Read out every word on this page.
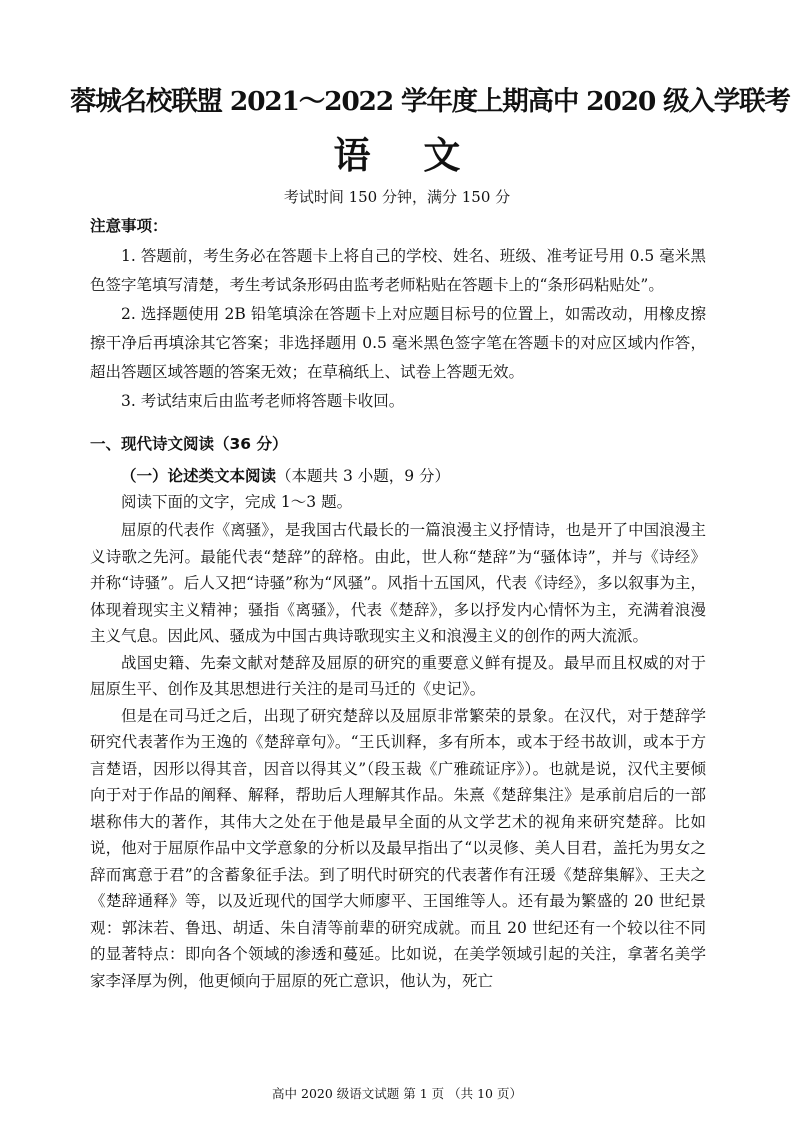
蓉城名校联盟 2021～2022 学年度上期高中 2020 级入学联考
语 文
考试时间 150 分钟，满分 150 分
注意事项：

1. 答题前，考生务必在答题卡上将自己的学校、姓名、班级、准考证号用 0.5 毫米黑色签字笔填写清楚，考生考试条形码由监考老师粘贴在答题卡上的“条形码粘贴处”。

2. 选择题使用 2B 铅笔填涂在答题卡上对应题目标号的位置上，如需改动，用橡皮擦擦干净后再填涂其它答案；非选择题用 0.5 毫米黑色签字笔在答题卡的对应区域内作答，超出答题区域答题的答案无效；在草稿纸上、试卷上答题无效。

3. 考试结束后由监考老师将答题卡收回。

一、现代诗文阅读（36 分）
（一）论述类文本阅读（本题共 3 小题，9 分）
阅读下面的文字，完成 1～3 题。

屈原的代表作《离骚》，是我国古代最长的一篇浪漫主义抒情诗，也是开了中国浪漫主义诗歌之先河。最能代表“楚辞”的辞格。由此，世人称“楚辞”为“骚体诗”，并与《诗经》并称“诗骚”。后人又把“诗骚”称为“风骚”。风指十五国风，代表《诗经》，多以叙事为主，体现着现实主义精神；骚指《离骚》，代表《楚辞》，多以抒发内心情怀为主，充满着浪漫主义气息。因此风、骚成为中国古典诗歌现实主义和浪漫主义的创作的两大流派。

战国史籍、先秦文献对楚辞及屈原的研究的重要意义鲜有提及。最早而且权威的对于屈原生平、创作及其思想进行关注的是司马迁的《史记》。

但是在司马迁之后，出现了研究楚辞以及屈原非常繁荣的景象。在汉代，对于楚辞学研究代表著作为王逸的《楚辞章句》。“王氏训释，多有所本，或本于经书故训，或本于方言楚语，因形以得其音，因音以得其义”（段玉裁《广雅疏证序》）。也就是说，汉代主要倾向于对于作品的阐释、解释，帮助后人理解其作品。朱熹《楚辞集注》是承前启后的一部堪称伟大的著作，其伟大之处在于他是最早全面的从文学艺术的视角来研究楚辞。比如说，他对于屈原作品中文学意象的分析以及最早指出了“以灵修、美人目君，盖托为男女之辞而寓意于君”的含蓄象征手法。到了明代时研究的代表著作有汪瑗《楚辞集解》、王夫之《楚辞通释》等，以及近现代的国学大师廖平、王国维等人。还有最为繁盛的 20 世纪景观：郭沫若、鲁迅、胡适、朱自清等前辈的研究成就。而且 20 世纪还有一个较以往不同的显著特点：即向各个领域的渗透和蔓延。比如说，在美学领域引起的关注，拿著名美学家李泽厚为例，他更倾向于屈原的死亡意识，他认为，死亡

高中 2020 级语文试题 第 1 页 （共 10 页）
